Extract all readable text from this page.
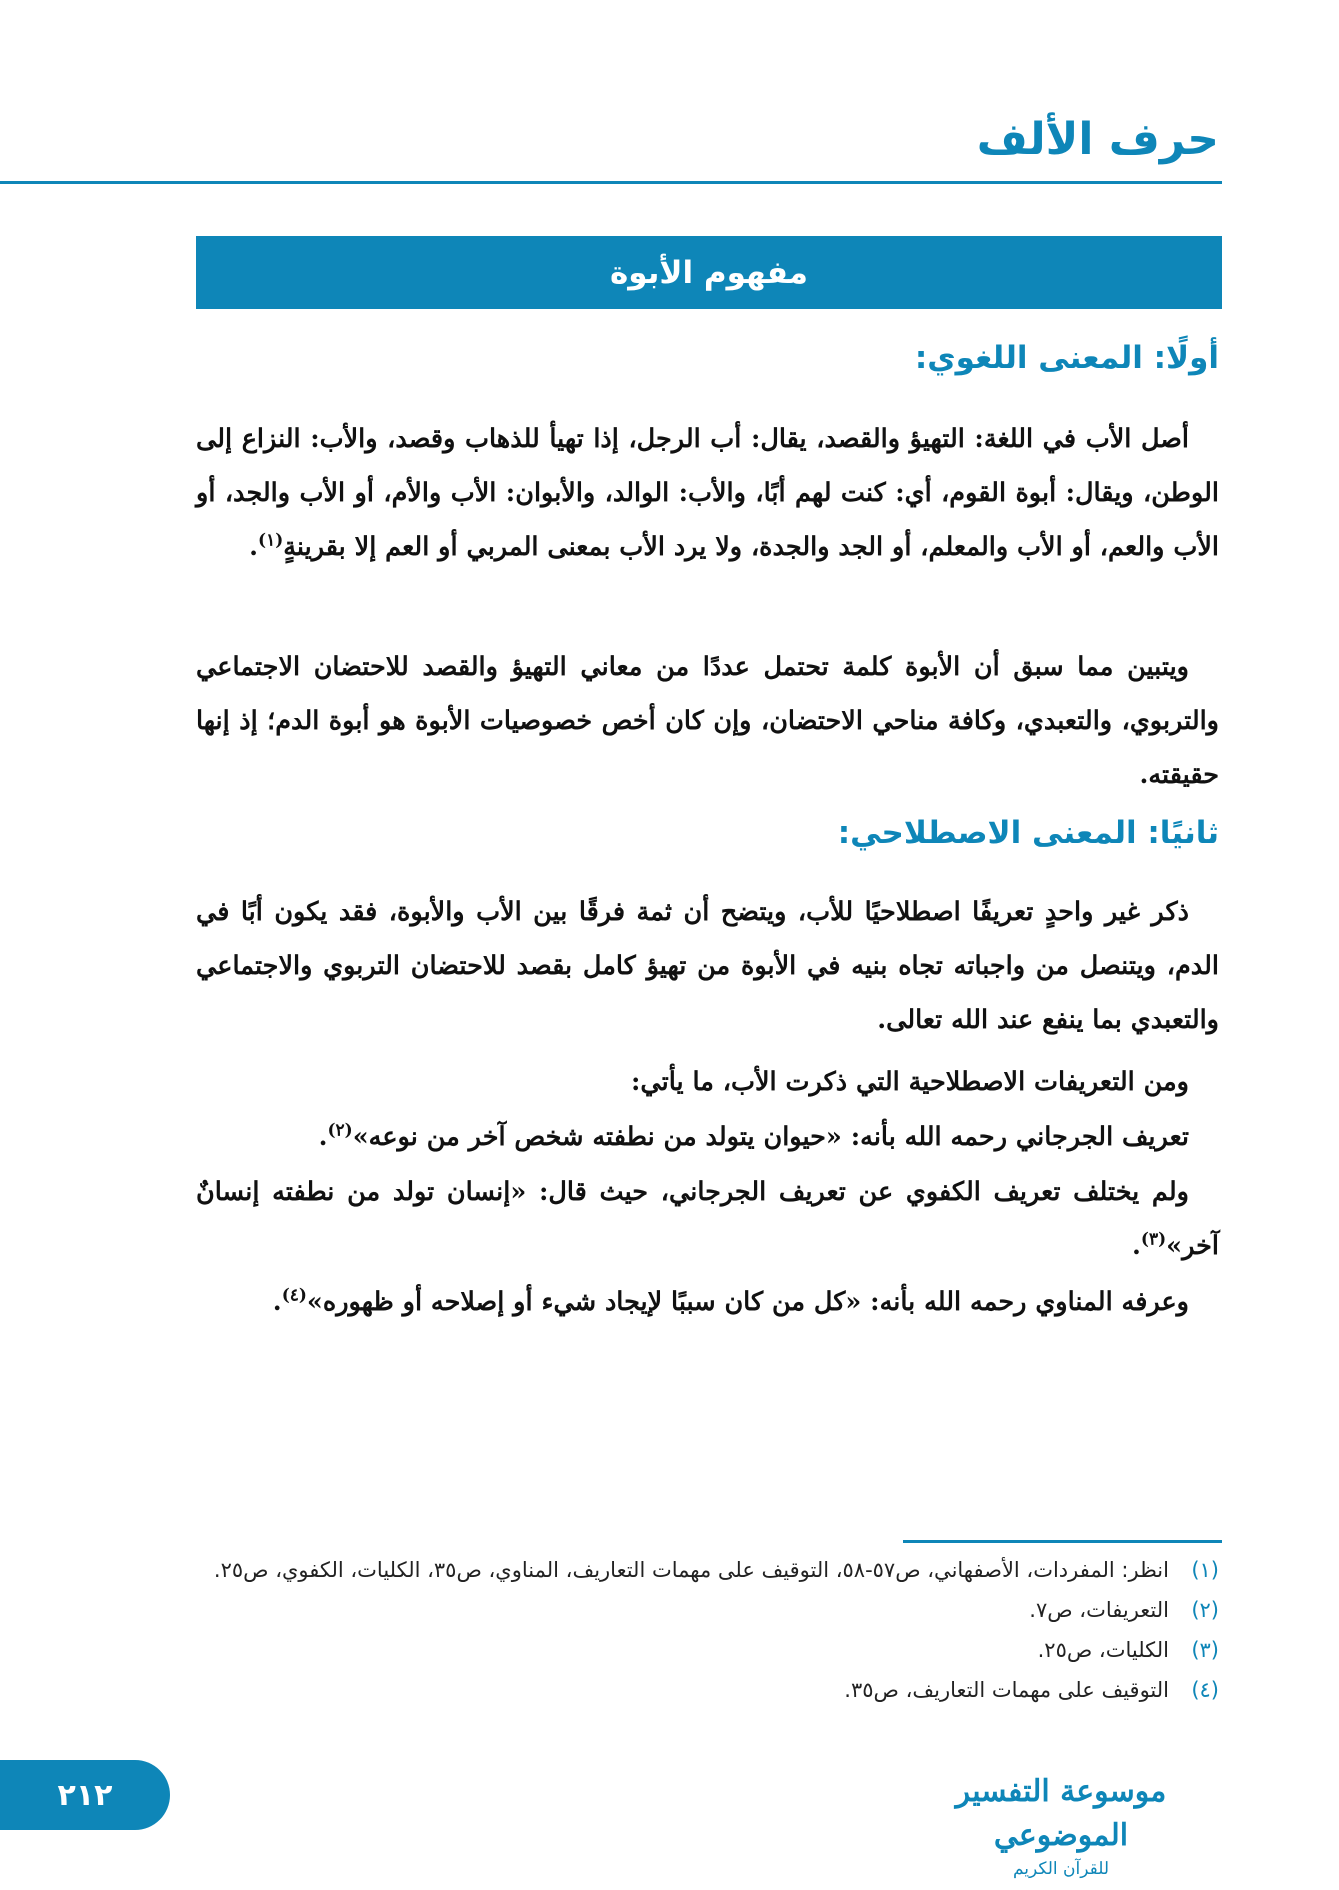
حرف الألف
مفهوم الأبوة
أولًا: المعنى اللغوي:

أصل الأب في اللغة: التهيؤ والقصد، يقال: أب الرجل، إذا تهيأ للذهاب وقصد، والأب: النزاع إلى الوطن، ويقال: أبوة القوم، أي: كنت لهم أبًا، والأب: الوالد، والأبوان: الأب والأم، أو الأب والجد، أو الأب والعم، أو الأب والمعلم، أو الجد والجدة، ولا يرد الأب بمعنى المربي أو العم إلا بقرينةٍ$^{(١)}$.

ويتبين مما سبق أن الأبوة كلمة تحتمل عددًا من معاني التهيؤ والقصد للاحتضان الاجتماعي والتربوي، والتعبدي، وكافة مناحي الاحتضان، وإن كان أخص خصوصيات الأبوة هو أبوة الدم؛ إذ إنها حقيقته.

ثانيًا: المعنى الاصطلاحي:

ذكر غير واحدٍ تعريفًا اصطلاحيًا للأب، ويتضح أن ثمة فرقًا بين الأب والأبوة، فقد يكون أبًا في الدم، ويتنصل من واجباته تجاه بنيه في الأبوة من تهيؤ كامل بقصد للاحتضان التربوي والاجتماعي والتعبدي بما ينفع عند الله تعالى.

ومن التعريفات الاصطلاحية التي ذكرت الأب، ما يأتي:

تعريف الجرجاني رحمه الله بأنه: «حيوان يتولد من نطفته شخص آخر من نوعه»$^{(٢)}$.

ولم يختلف تعريف الكفوي عن تعريف الجرجاني، حيث قال: «إنسان تولد من نطفته إنسانٌ آخر»$^{(٣)}$.

وعرفه المناوي رحمه الله بأنه: «كل من كان سببًا لإيجاد شيء أو إصلاحه أو ظهوره»$^{(٤)}$.

(١)
انظر: المفردات، الأصفهاني، ص٥٧-٥٨، التوقيف على مهمات التعاريف، المناوي، ص٣٥، الكليات، الكفوي، ص٢٥.

(٢)
التعريفات، ص٧.

(٣)
الكليات، ص٢٥.

(٤)
التوقيف على مهمات التعاريف، ص٣٥.

موسوعة التفسير الموضوعي
للقرآن الكريم
٢١٢
